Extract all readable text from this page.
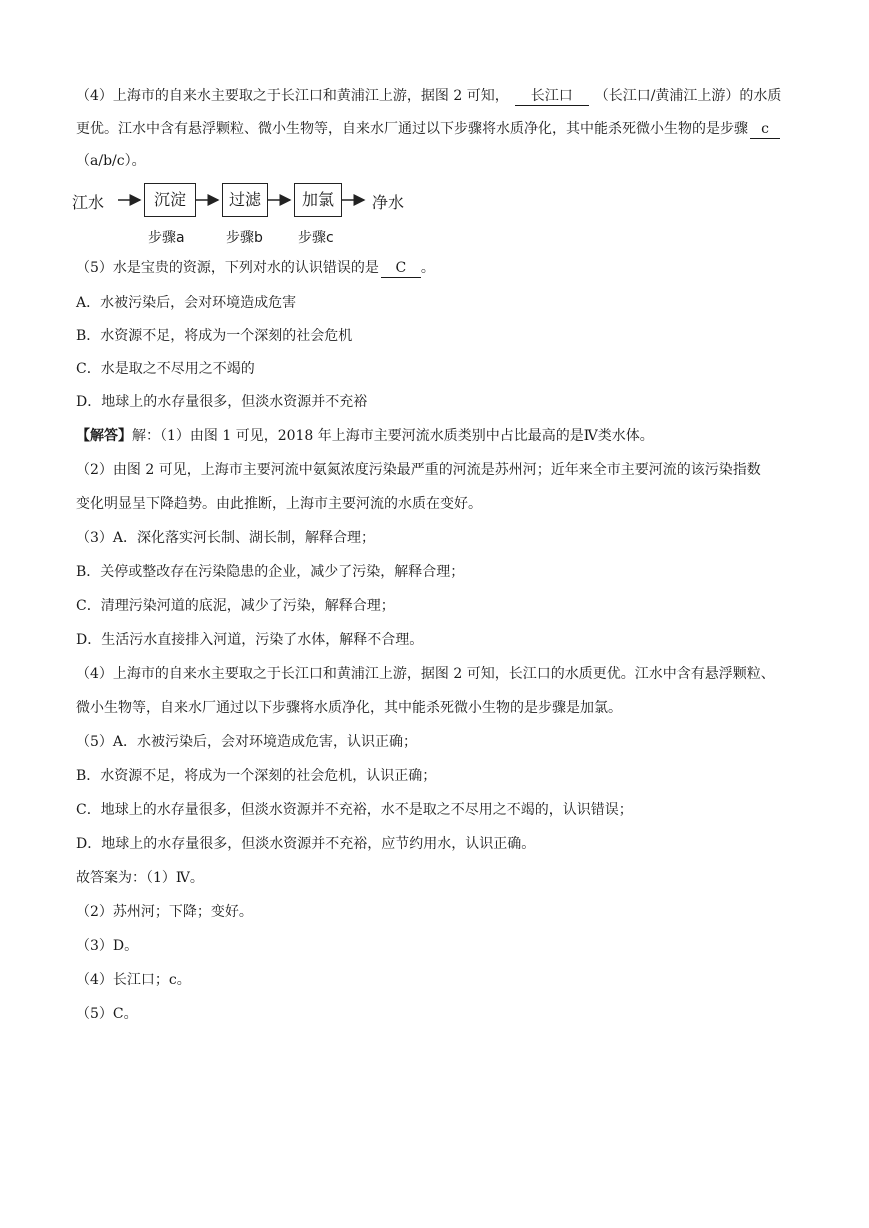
（4）上海市的自来水主要取之于长江口和黄浦江上游，据图 2 可知， 长江口 （长江口/黄浦江上游）的水质
更优。江水中含有悬浮颗粒、微小生物等，自来水厂通过以下步骤将水质净化，其中能杀死微小生物的是步骤 c
（a/b/c）。
江水	沉淀	过滤	加氯	净水
步骤a	步骤b	步骤c
（5）水是宝贵的资源，下列对水的认识错误的是 C 。
A．水被污染后，会对环境造成危害
B．水资源不足，将成为一个深刻的社会危机
C．水是取之不尽用之不竭的
D．地球上的水存量很多，但淡水资源并不充裕
【解答】解：（1）由图 1 可见，2018 年上海市主要河流水质类别中占比最高的是Ⅳ类水体。
（2）由图 2 可见，上海市主要河流中氨氮浓度污染最严重的河流是苏州河；近年来全市主要河流的该污染指数
变化明显呈下降趋势。由此推断，上海市主要河流的水质在变好。
（3）A．深化落实河长制、湖长制，解释合理；
B．关停或整改存在污染隐患的企业，减少了污染，解释合理；
C．清理污染河道的底泥，减少了污染，解释合理；
D．生活污水直接排入河道，污染了水体，解释不合理。
（4）上海市的自来水主要取之于长江口和黄浦江上游，据图 2 可知，长江口的水质更优。江水中含有悬浮颗粒、
微小生物等，自来水厂通过以下步骤将水质净化，其中能杀死微小生物的是步骤是加氯。
（5）A．水被污染后，会对环境造成危害，认识正确；
B．水资源不足，将成为一个深刻的社会危机，认识正确；
C．地球上的水存量很多，但淡水资源并不充裕，水不是取之不尽用之不竭的，认识错误；
D．地球上的水存量很多，但淡水资源并不充裕，应节约用水，认识正确。
故答案为：（1）Ⅳ。
（2）苏州河；下降；变好。
（3）D。
（4）长江口；c。
（5）C。
